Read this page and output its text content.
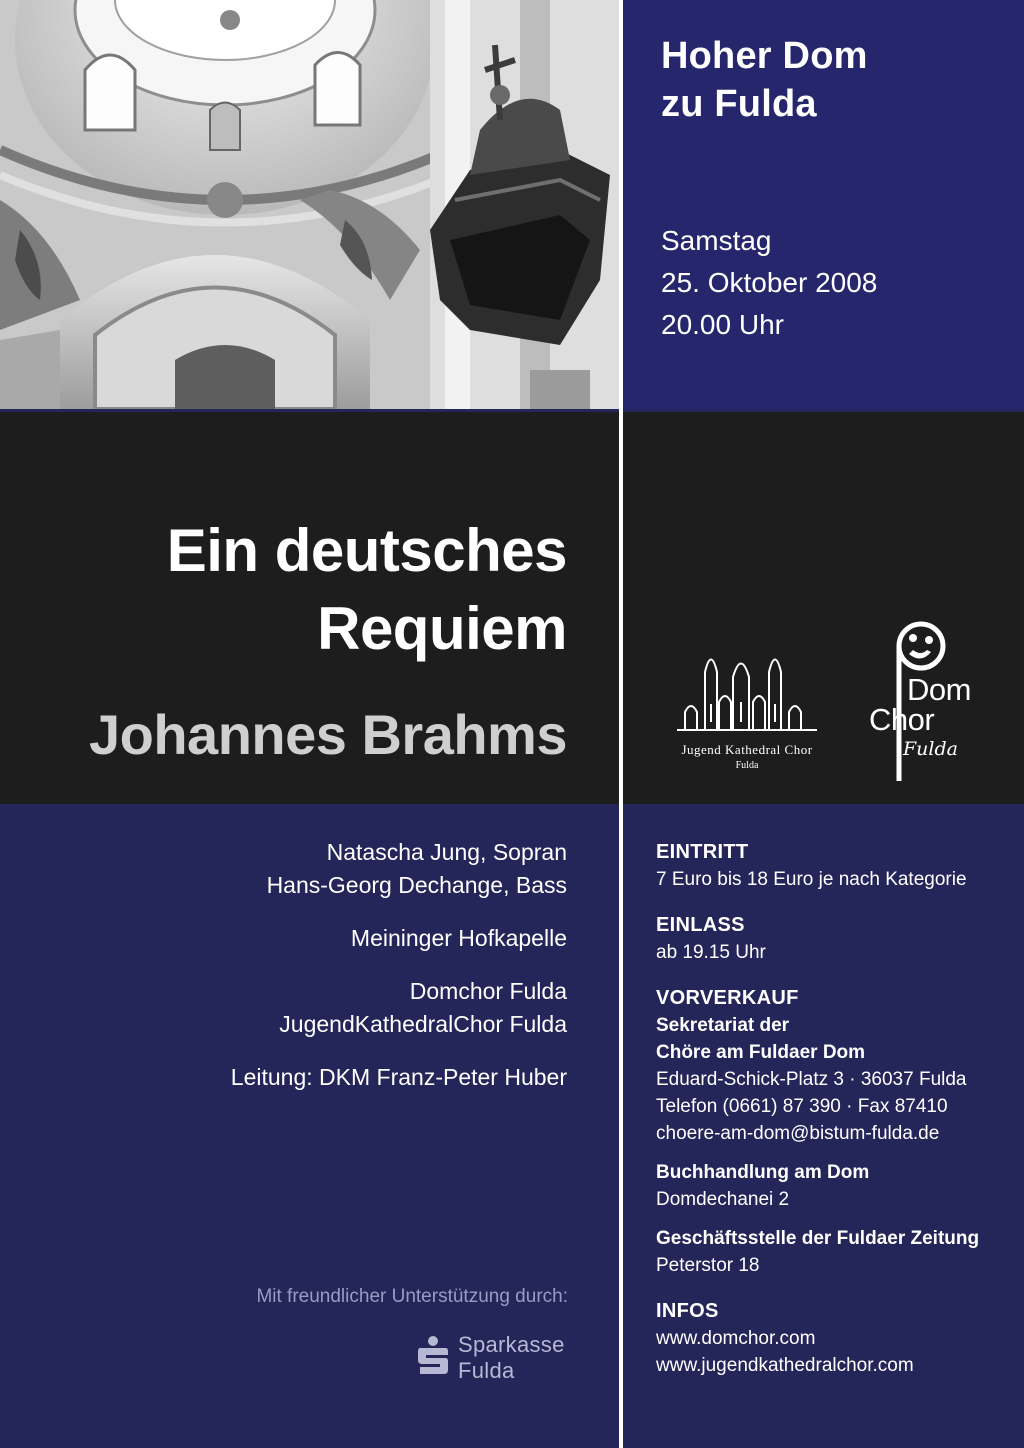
Hoher Dom
zu Fulda

Samstag
25. Oktober 2008
20.00 Uhr

Ein deutsches
Requiem
Johannes Brahms	Jugend Kathedral Chor
Fulda
Dom
Chor
Fulda
Natascha Jung, Sopran
Hans-Georg Dechange, Bass
Meininger Hofkapelle
Domchor Fulda
JugendKathedralChor Fulda
Leitung: DKM Franz-Peter Huber
Mit freundlicher Unterstützung durch:
Sparkasse
Fulda
EINTRITT
7 Euro bis 18 Euro je nach Kategorie
EINLASS
ab 19.15 Uhr
VORVERKAUF
Sekretariat der
Chöre am Fuldaer Dom
Eduard-Schick-Platz 3 · 36037 Fulda
Telefon (0661) 87 390 · Fax 87410
choere-am-dom@bistum-fulda.de
Buchhandlung am Dom
Domdechanei 2
Geschäftsstelle der Fuldaer Zeitung
Peterstor 18
INFOS
www.domchor.com
www.jugendkathedralchor.com
